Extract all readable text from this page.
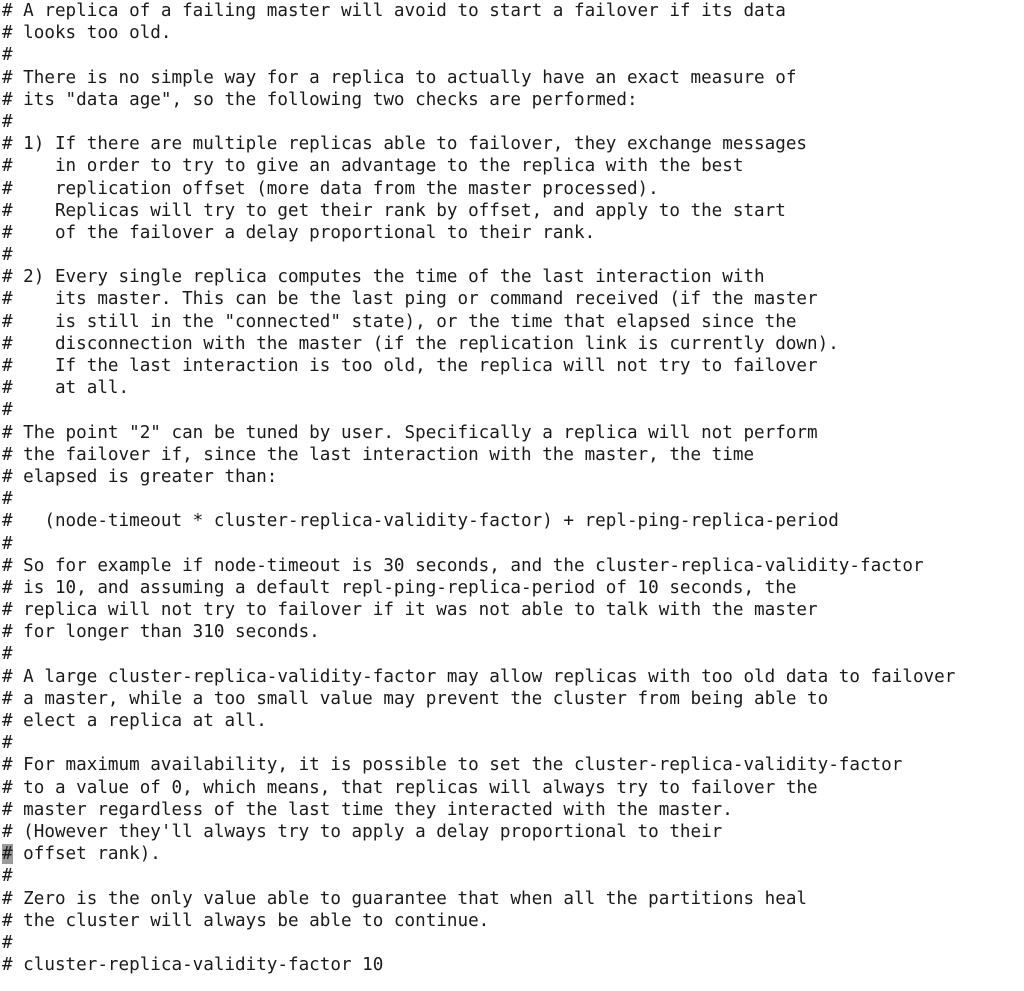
# A replica of a failing master will avoid to start a failover if its data
# looks too old.
#
# There is no simple way for a replica to actually have an exact measure of
# its "data age", so the following two checks are performed:
#
# 1) If there are multiple replicas able to failover, they exchange messages
#    in order to try to give an advantage to the replica with the best
#    replication offset (more data from the master processed).
#    Replicas will try to get their rank by offset, and apply to the start
#    of the failover a delay proportional to their rank.
#
# 2) Every single replica computes the time of the last interaction with
#    its master. This can be the last ping or command received (if the master
#    is still in the "connected" state), or the time that elapsed since the
#    disconnection with the master (if the replication link is currently down).
#    If the last interaction is too old, the replica will not try to failover
#    at all.
#
# The point "2" can be tuned by user. Specifically a replica will not perform
# the failover if, since the last interaction with the master, the time
# elapsed is greater than:
#
#   (node-timeout * cluster-replica-validity-factor) + repl-ping-replica-period
#
# So for example if node-timeout is 30 seconds, and the cluster-replica-validity-factor
# is 10, and assuming a default repl-ping-replica-period of 10 seconds, the
# replica will not try to failover if it was not able to talk with the master
# for longer than 310 seconds.
#
# A large cluster-replica-validity-factor may allow replicas with too old data to failover
# a master, while a too small value may prevent the cluster from being able to
# elect a replica at all.
#
# For maximum availability, it is possible to set the cluster-replica-validity-factor
# to a value of 0, which means, that replicas will always try to failover the
# master regardless of the last time they interacted with the master.
# (However they'll always try to apply a delay proportional to their
# offset rank).
#
# Zero is the only value able to guarantee that when all the partitions heal
# the cluster will always be able to continue.
#
# cluster-replica-validity-factor 10
